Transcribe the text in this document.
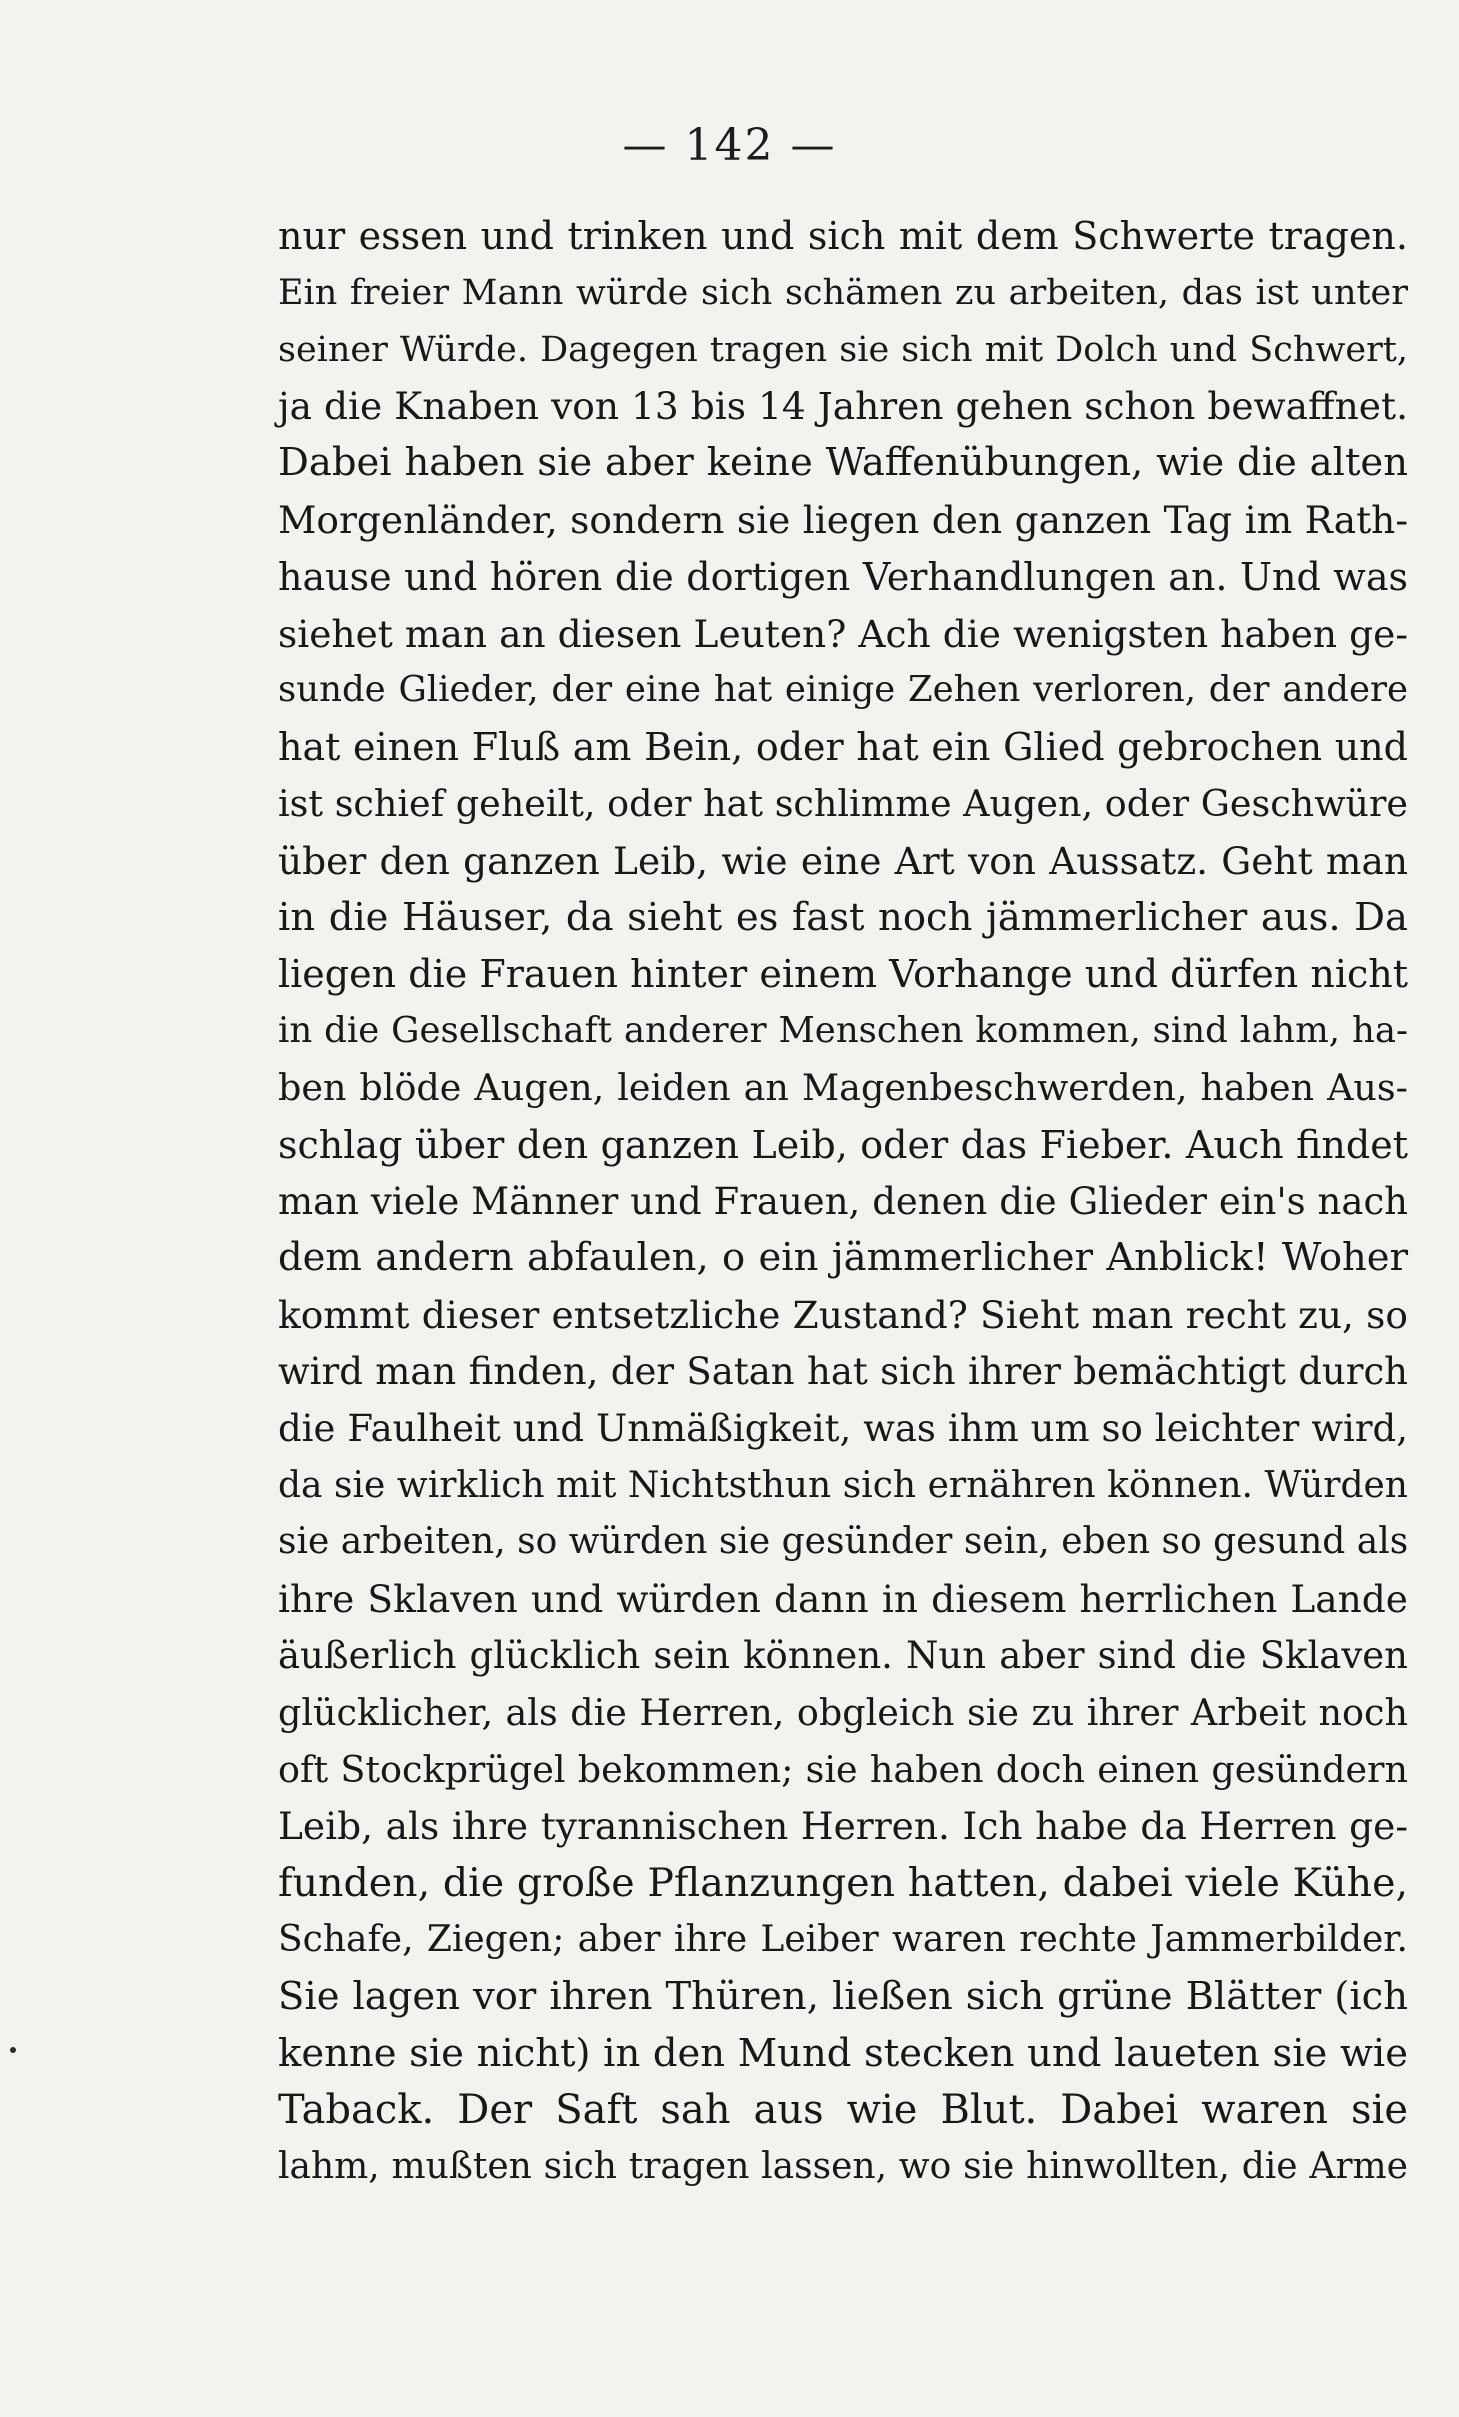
— 142 —
nur essen und trinken und sich mit dem Schwerte tragen.
Ein freier Mann würde sich schämen zu arbeiten, das ist unter
seiner Würde. Dagegen tragen sie sich mit Dolch und Schwert,
ja die Knaben von 13 bis 14 Jahren gehen schon bewaffnet.
Dabei haben sie aber keine Waffenübungen, wie die alten
Morgenländer, sondern sie liegen den ganzen Tag im Rath-
hause und hören die dortigen Verhandlungen an. Und was
siehet man an diesen Leuten? Ach die wenigsten haben ge-
sunde Glieder, der eine hat einige Zehen verloren, der andere
hat einen Fluß am Bein, oder hat ein Glied gebrochen und
ist schief geheilt, oder hat schlimme Augen, oder Geschwüre
über den ganzen Leib, wie eine Art von Aussatz. Geht man
in die Häuser, da sieht es fast noch jämmerlicher aus. Da
liegen die Frauen hinter einem Vorhange und dürfen nicht
in die Gesellschaft anderer Menschen kommen, sind lahm, ha-
ben blöde Augen, leiden an Magenbeschwerden, haben Aus-
schlag über den ganzen Leib, oder das Fieber. Auch findet
man viele Männer und Frauen, denen die Glieder ein's nach
dem andern abfaulen, o ein jämmerlicher Anblick! Woher
kommt dieser entsetzliche Zustand? Sieht man recht zu, so
wird man finden, der Satan hat sich ihrer bemächtigt durch
die Faulheit und Unmäßigkeit, was ihm um so leichter wird,
da sie wirklich mit Nichtsthun sich ernähren können. Würden
sie arbeiten, so würden sie gesünder sein, eben so gesund als
ihre Sklaven und würden dann in diesem herrlichen Lande
äußerlich glücklich sein können. Nun aber sind die Sklaven
glücklicher, als die Herren, obgleich sie zu ihrer Arbeit noch
oft Stockprügel bekommen; sie haben doch einen gesündern
Leib, als ihre tyrannischen Herren. Ich habe da Herren ge-
funden, die große Pflanzungen hatten, dabei viele Kühe,
Schafe, Ziegen; aber ihre Leiber waren rechte Jammerbilder.
Sie lagen vor ihren Thüren, ließen sich grüne Blätter (ich
kenne sie nicht) in den Mund stecken und laueten sie wie
Taback. Der Saft sah aus wie Blut. Dabei waren sie
lahm, mußten sich tragen lassen, wo sie hinwollten, die Arme
